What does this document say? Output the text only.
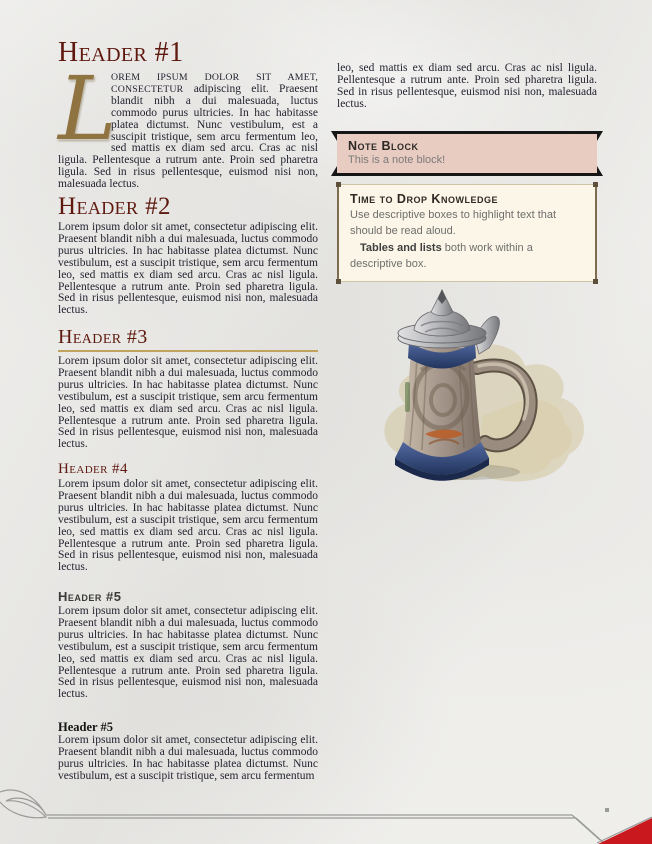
Header #1
L
OREM IPSUM DOLOR SIT AMET, CONSECTETUR adipiscing elit. Praesent blandit nibh a dui malesuada, luctus commodo purus ultricies. In hac habitasse platea dictumst. Nunc vestibulum, est a suscipit tristique, sem arcu fermentum leo, sed mattis ex diam sed arcu. Cras ac nisl ligula. Pellentesque a rutrum ante. Proin sed pharetra ligula. Sed in risus pellentesque, euismod nisi non, malesuada lectus.
Header #2

Lorem ipsum dolor sit amet, consectetur adipiscing elit. Praesent blandit nibh a dui malesuada, luctus commodo purus ultricies. In hac habitasse platea dictumst. Nunc vestibulum, est a suscipit tristique, sem arcu fermentum leo, sed mattis ex diam sed arcu. Cras ac nisl ligula. Pellentesque a rutrum ante. Proin sed pharetra ligula. Sed in risus pellentesque, euismod nisi non, malesuada lectus.

Header #3

Lorem ipsum dolor sit amet, consectetur adipiscing elit. Praesent blandit nibh a dui malesuada, luctus commodo purus ultricies. In hac habitasse platea dictumst. Nunc vestibulum, est a suscipit tristique, sem arcu fermentum leo, sed mattis ex diam sed arcu. Cras ac nisl ligula. Pellentesque a rutrum ante. Proin sed pharetra ligula. Sed in risus pellentesque, euismod nisi non, malesuada lectus.

Header #4

Lorem ipsum dolor sit amet, consectetur adipiscing elit. Praesent blandit nibh a dui malesuada, luctus commodo purus ultricies. In hac habitasse platea dictumst. Nunc vestibulum, est a suscipit tristique, sem arcu fermentum leo, sed mattis ex diam sed arcu. Cras ac nisl ligula. Pellentesque a rutrum ante. Proin sed pharetra ligula. Sed in risus pellentesque, euismod nisi non, malesuada lectus.

Header #5

Lorem ipsum dolor sit amet, consectetur adipiscing elit. Praesent blandit nibh a dui malesuada, luctus commodo purus ultricies. In hac habitasse platea dictumst. Nunc vestibulum, est a suscipit tristique, sem arcu fermentum leo, sed mattis ex diam sed arcu. Cras ac nisl ligula. Pellentesque a rutrum ante. Proin sed pharetra ligula. Sed in risus pellentesque, euismod nisi non, malesuada lectus.

Header #5

Lorem ipsum dolor sit amet, consectetur adipiscing elit. Praesent blandit nibh a dui malesuada, luctus commodo purus ultricies. In hac habitasse platea dictumst. Nunc vestibulum, est a suscipit tristique, sem arcu fermentum

leo, sed mattis ex diam sed arcu. Cras ac nisl ligula. Pellentesque a rutrum ante. Proin sed pharetra ligula. Sed in risus pellentesque, euismod nisi non, malesuada lectus.

Note Block

This is a note block!

Time to Drop Knowledge

Use descriptive boxes to highlight text that should be read aloud.

Tables and lists both work within a descriptive box.
